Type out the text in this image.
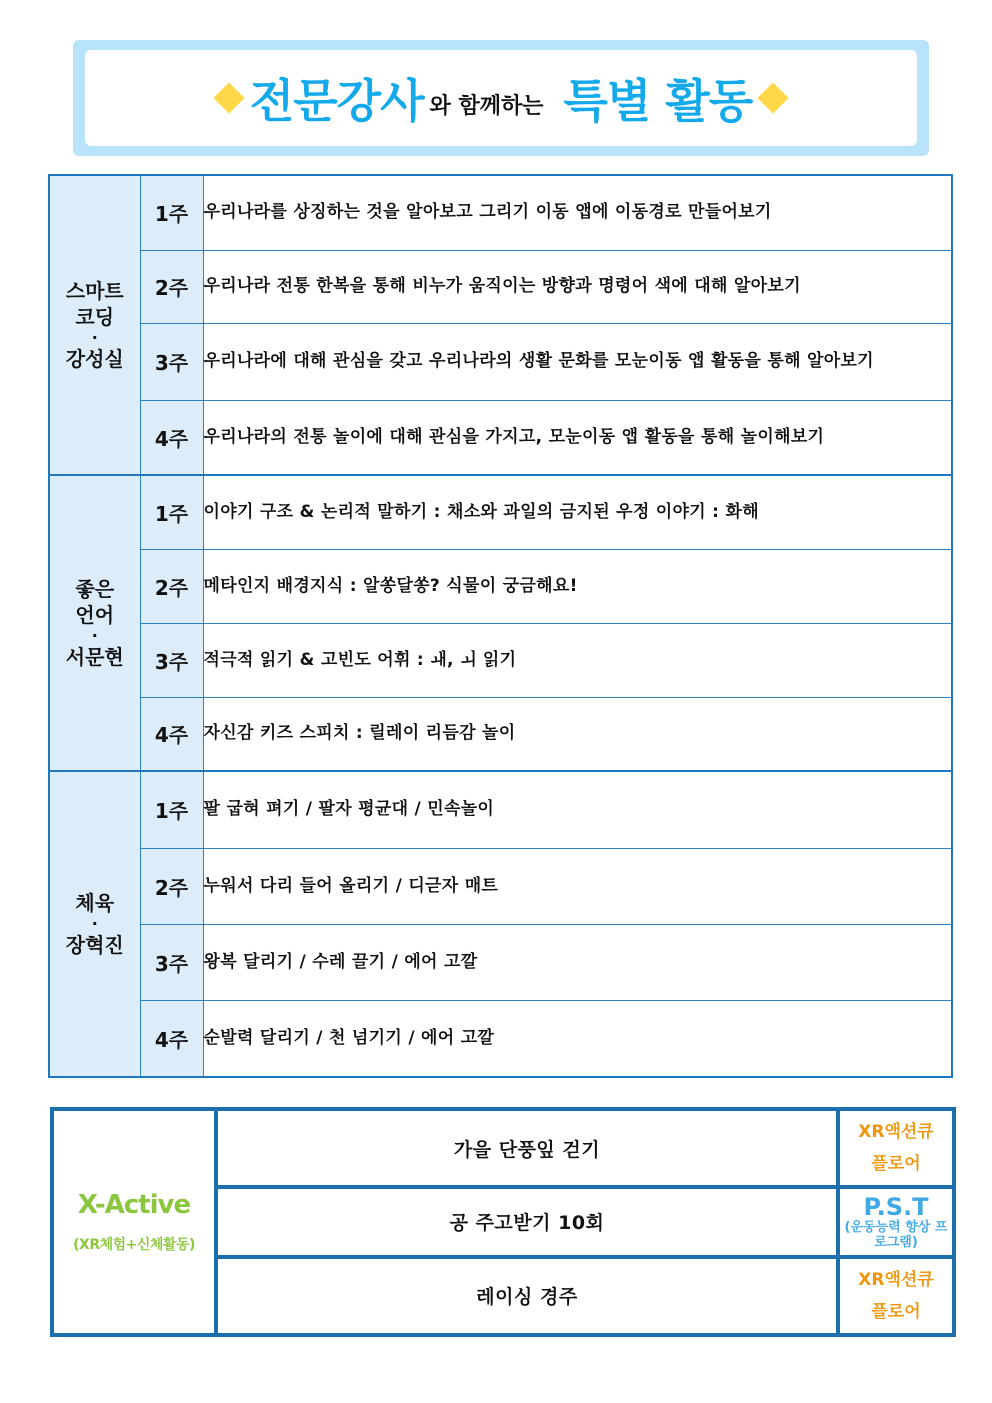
전문강사 와 함께하는 특별 활동
스마트
코딩
·
강성실	1주	우리나라를 상징하는 것을 알아보고 그리기 이동 앱에 이동경로 만들어보기
	2주	우리나라 전통 한복을 통해 비누가 움직이는 방향과 명령어 색에 대해 알아보기
	3주	우리나라에 대해 관심을 갖고 우리나라의 생활 문화를 모눈이동 앱 활동을 통해 알아보기
	4주	우리나라의 전통 놀이에 대해 관심을 가지고, 모눈이동 앱 활동을 통해 놀이해보기

좋은
언어
·
서문현	1주	이야기 구조 & 논리적 말하기 : 채소와 과일의 금지된 우정 이야기 : 화해
	2주	메타인지 배경지식 : 알쏭달쏭? 식물이 궁금해요!
	3주	적극적 읽기 & 고빈도 어휘 : ㅙ, ㅚ 읽기
	4주	자신감 키즈 스피치 : 릴레이 리듬감 놀이

체육
·
장혁진	1주	팔 굽혀 펴기 / 팔자 평균대 / 민속놀이
	2주	누워서 다리 들어 올리기 / 디귿자 매트
	3주	왕복 달리기 / 수레 끌기 / 에어 고깔
	4주	순발력 달리기 / 천 넘기기 / 에어 고깔
X-Active
(XR체험+신체활동)	가을 단풍잎 걷기	XR액션큐
플로어

	공 주고받기 10회	P.S.T
(운동능력 향상 프로그램)

	레이싱 경주	XR액션큐
플로어
